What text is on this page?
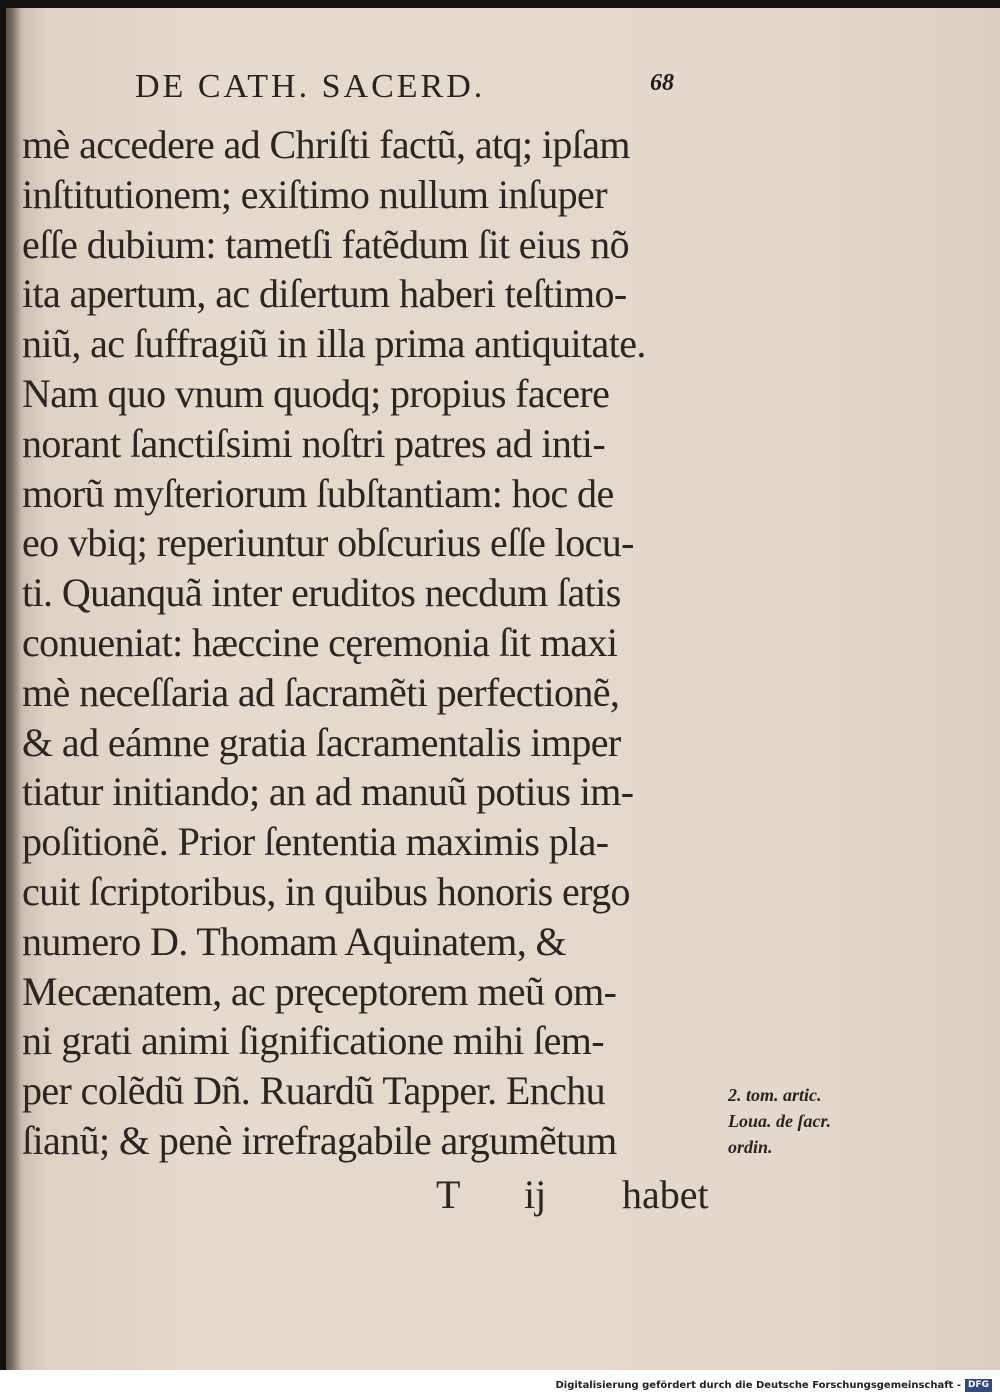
DE CATH. SACERD.	68
mè accedere ad Chriſti factũ, atq; ipſam
inſtitutionem; exiſtimo nullum inſuper
eſſe dubium: tametſi fatẽdum ſit eius nõ
ita apertum, ac diſertum haberi teſtimo-
niũ, ac ſuffragiũ in illa prima antiquitate.
Nam quo vnum quodq; propius facere
norant ſanctiſsimi noſtri patres ad inti-
morũ myſteriorum ſubſtantiam: hoc de
eo vbiq; reperiuntur obſcurius eſſe locu-
ti. Quanquã inter eruditos necdum ſatis
conueniat: hæccine cęremonia ſit maxi
mè neceſſaria ad ſacramẽti perfectionẽ,
& ad eámne gratia ſacramentalis imper
tiatur initiando; an ad manuũ potius im-
poſitionẽ. Prior ſententia maximis pla-
cuit ſcriptoribus, in quibus honoris ergo
numero D. Thomam Aquinatem, &
Mecænatem, ac pręceptorem meũ om-
ni grati animi ſignificatione mihi ſem-
per colẽdũ Dñ. Ruardũ Tapper. Enchu
ſianũ; & penè irrefragabile argumẽtum
T ij habet
2. tom. artic.
Loua. de ſacr.
ordin.
Digitalisierung gefördert durch die Deutsche Forschungsgemeinschaft - DFG
